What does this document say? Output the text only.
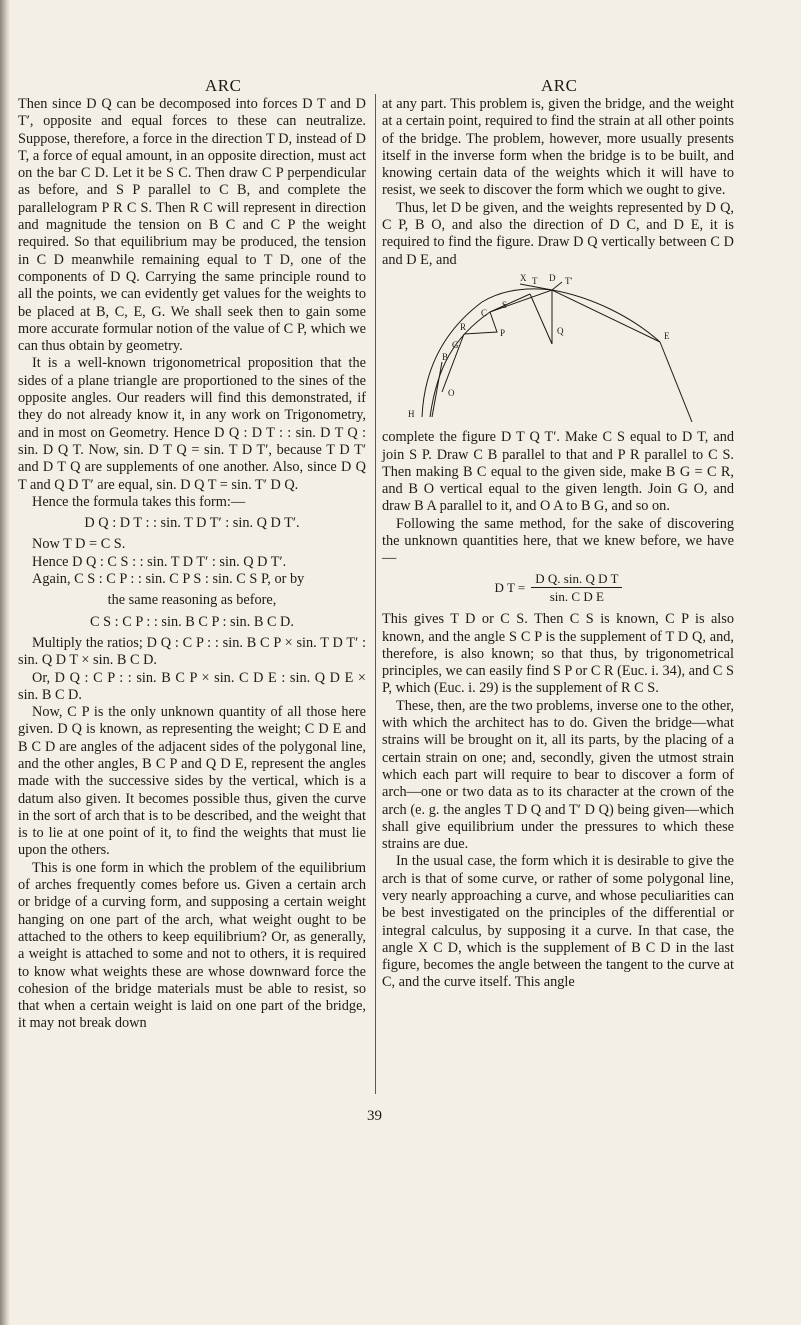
ARC	ARC

Then since D Q can be decomposed into forces D T and D T′, opposite and equal forces to these can neutralize. Suppose, therefore, a force in the direction T D, instead of D T, a force of equal amount, in an opposite direction, must act on the bar C D. Let it be S C. Then draw C P perpendicular as before, and S P parallel to C B, and complete the parallelogram P R C S. Then R C will represent in direction and magnitude the tension on B C and C P the weight required. So that equilibrium may be produced, the tension in C D meanwhile remaining equal to T D, one of the components of D Q. Carrying the same principle round to all the points, we can evidently get values for the weights to be placed at B, C, E, G. We shall seek then to gain some more accurate formular notion of the value of C P, which we can thus obtain by geometry.

It is a well-known trigonometrical proposition that the sides of a plane triangle are proportioned to the sines of the opposite angles. Our readers will find this demonstrated, if they do not already know it, in any work on Trigonometry, and in most on Geometry. Hence D Q : D T : : sin. D T Q : sin. D Q T. Now, sin. D T Q = sin. T D T′, because T D T′ and D T Q are supplements of one another. Also, since D Q T and Q D T′ are equal, sin. D Q T = sin. T′ D Q.

Hence the formula takes this form:—

D Q : D T : : sin. T D T′ : sin. Q D T′.

Now T D = C S.

Hence D Q : C S : : sin. T D T′ : sin. Q D T′.

Again, C S : C P : : sin. C P S : sin. C S P, or by

the same reasoning as before,

C S : C P : : sin. B C P : sin. B C D.

Multiply the ratios; D Q : C P : : sin. B C P × sin. T D T′ : sin. Q D T × sin. B C D.

Or, D Q : C P : : sin. B C P × sin. C D E : sin. Q D E × sin. B C D.

Now, C P is the only unknown quantity of all those here given. D Q is known, as representing the weight; C D E and B C D are angles of the adjacent sides of the polygonal line, and the other angles, B C P and Q D E, represent the angles made with the successive sides by the vertical, which is a datum also given. It becomes possible thus, given the curve in the sort of arch that is to be described, and the weight that is to lie at one point of it, to find the weights that must lie upon the others.

This is one form in which the problem of the equilibrium of arches frequently comes before us. Given a certain arch or bridge of a curving form, and supposing a certain weight hanging on one part of the arch, what weight ought to be attached to the others to keep equilibrium? Or, as generally, a weight is attached to some and not to others, it is required to know what weights these are whose downward force the cohesion of the bridge materials must be able to resist, so that when a certain weight is laid on one part of the bridge, it may not break down

at any part. This problem is, given the bridge, and the weight at a certain point, required to find the strain at all other points of the bridge. The problem, however, more usually presents itself in the inverse form when the bridge is to be built, and knowing certain data of the weights which it will have to resist, we seek to discover the form which we ought to give.

Thus, let D be given, and the weights represented by D Q, C P, B O, and also the direction of D C, and D E, it is required to find the figure. Draw D Q vertically between C D and D E, and

X T D T′
C
S
Q	E
R
P
G
B
H
O

complete the figure D T Q T′. Make C S equal to D T, and join S P. Draw C B parallel to that and P R parallel to C S. Then making B C equal to the given side, make B G = C R, and B O vertical equal to the given length. Join G O, and draw B A parallel to it, and O A to B G, and so on.

Following the same method, for the sake of discovering the unknown quantities here, that we knew before, we have—

D T =	D Q. sin. Q D T
sin. C D E

This gives T D or C S. Then C S is known, C P is also known, and the angle S C P is the supplement of T D Q, and, therefore, is also known; so that thus, by trigonometrical principles, we can easily find S P or C R (Euc. i. 34), and C S P, which (Euc. i. 29) is the supplement of R C S.

These, then, are the two problems, inverse one to the other, with which the architect has to do. Given the bridge—what strains will be brought on it, all its parts, by the placing of a certain strain on one; and, secondly, given the utmost strain which each part will require to bear to discover a form of arch—one or two data as to its character at the crown of the arch (e. g. the angles T D Q and T′ D Q) being given—which shall give equilibrium under the pressures to which these strains are due.

In the usual case, the form which it is desirable to give the arch is that of some curve, or rather of some polygonal line, very nearly approaching a curve, and whose peculiarities can be best investigated on the principles of the differential or integral calculus, by supposing it a curve. In that case, the angle X C D, which is the supplement of B C D in the last figure, becomes the angle between the tangent to the curve at C, and the curve itself. This angle

39
